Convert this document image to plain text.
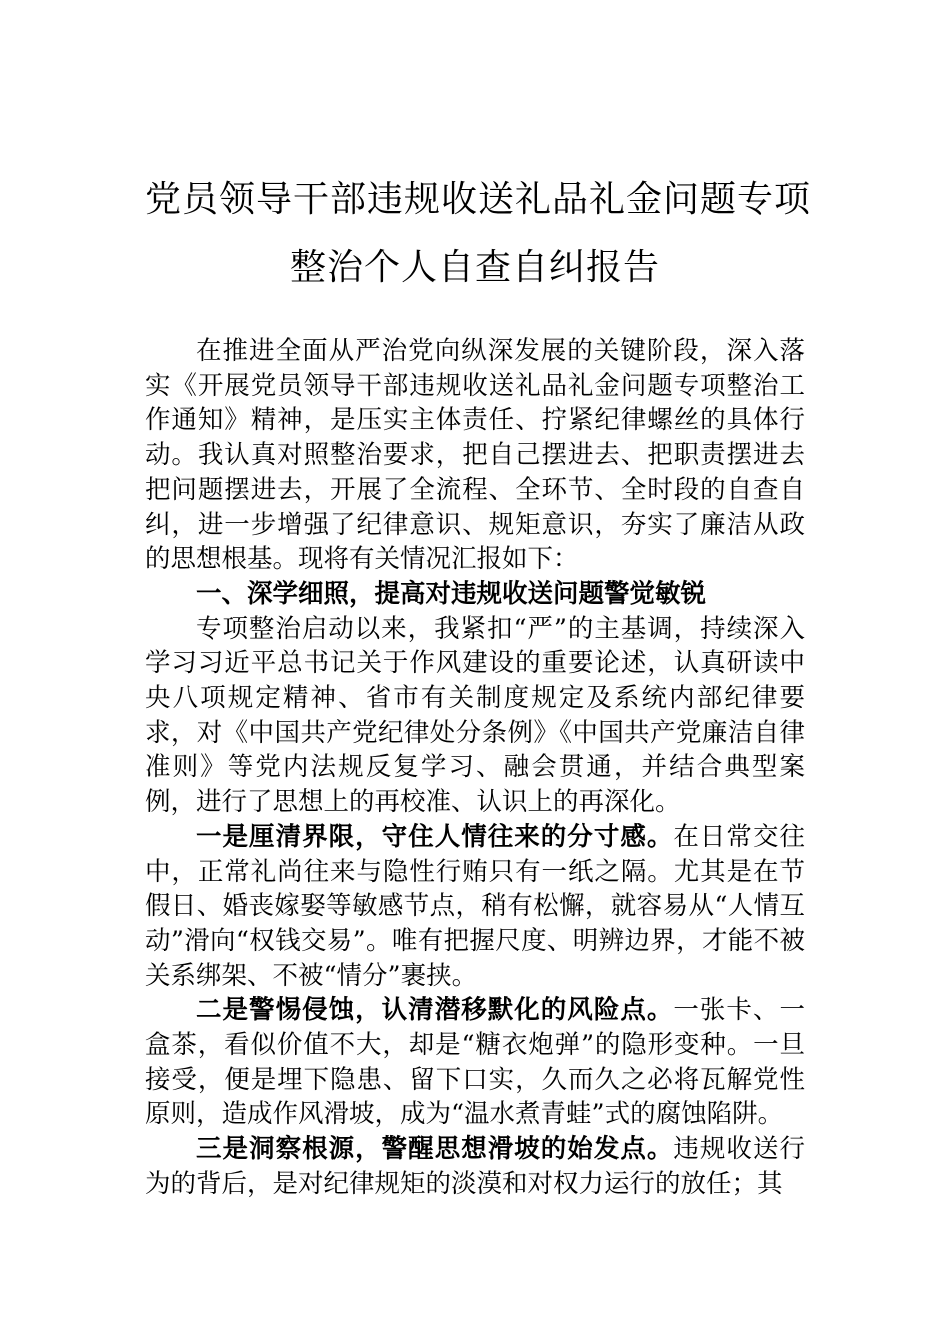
党员领导干部违规收送礼品礼金问题专项
整治个人自查自纠报告

在推进全面从严治党向纵深发展的关键阶段，深入落实《开展党员领导干部违规收送礼品礼金问题专项整治工作通知》精神，是压实主体责任、拧紧纪律螺丝的具体行动。我认真对照整治要求，把自己摆进去、把职责摆进去把问题摆进去，开展了全流程、全环节、全时段的自查自纠，进一步增强了纪律意识、规矩意识，夯实了廉洁从政的思想根基。现将有关情况汇报如下：

一、深学细照，提高对违规收送问题警觉敏锐

专项整治启动以来，我紧扣“严”的主基调，持续深入学习习近平总书记关于作风建设的重要论述，认真研读中央八项规定精神、省市有关制度规定及系统内部纪律要求，对《中国共产党纪律处分条例》《中国共产党廉洁自律准则》等党内法规反复学习、融会贯通，并结合典型案例，进行了思想上的再校准、认识上的再深化。

一是厘清界限，守住人情往来的分寸感。在日常交往中，正常礼尚往来与隐性行贿只有一纸之隔。尤其是在节假日、婚丧嫁娶等敏感节点，稍有松懈，就容易从“人情互动”滑向“权钱交易”。唯有把握尺度、明辨边界，才能不被关系绑架、不被“情分”裹挟。

二是警惕侵蚀，认清潜移默化的风险点。一张卡、一盒茶，看似价值不大，却是“糖衣炮弹”的隐形变种。一旦接受，便是埋下隐患、留下口实，久而久之必将瓦解党性原则，造成作风滑坡，成为“温水煮青蛙”式的腐蚀陷阱。

三是洞察根源，警醒思想滑坡的始发点。违规收送行为的背后，是对纪律规矩的淡漠和对权力运行的放任；其
